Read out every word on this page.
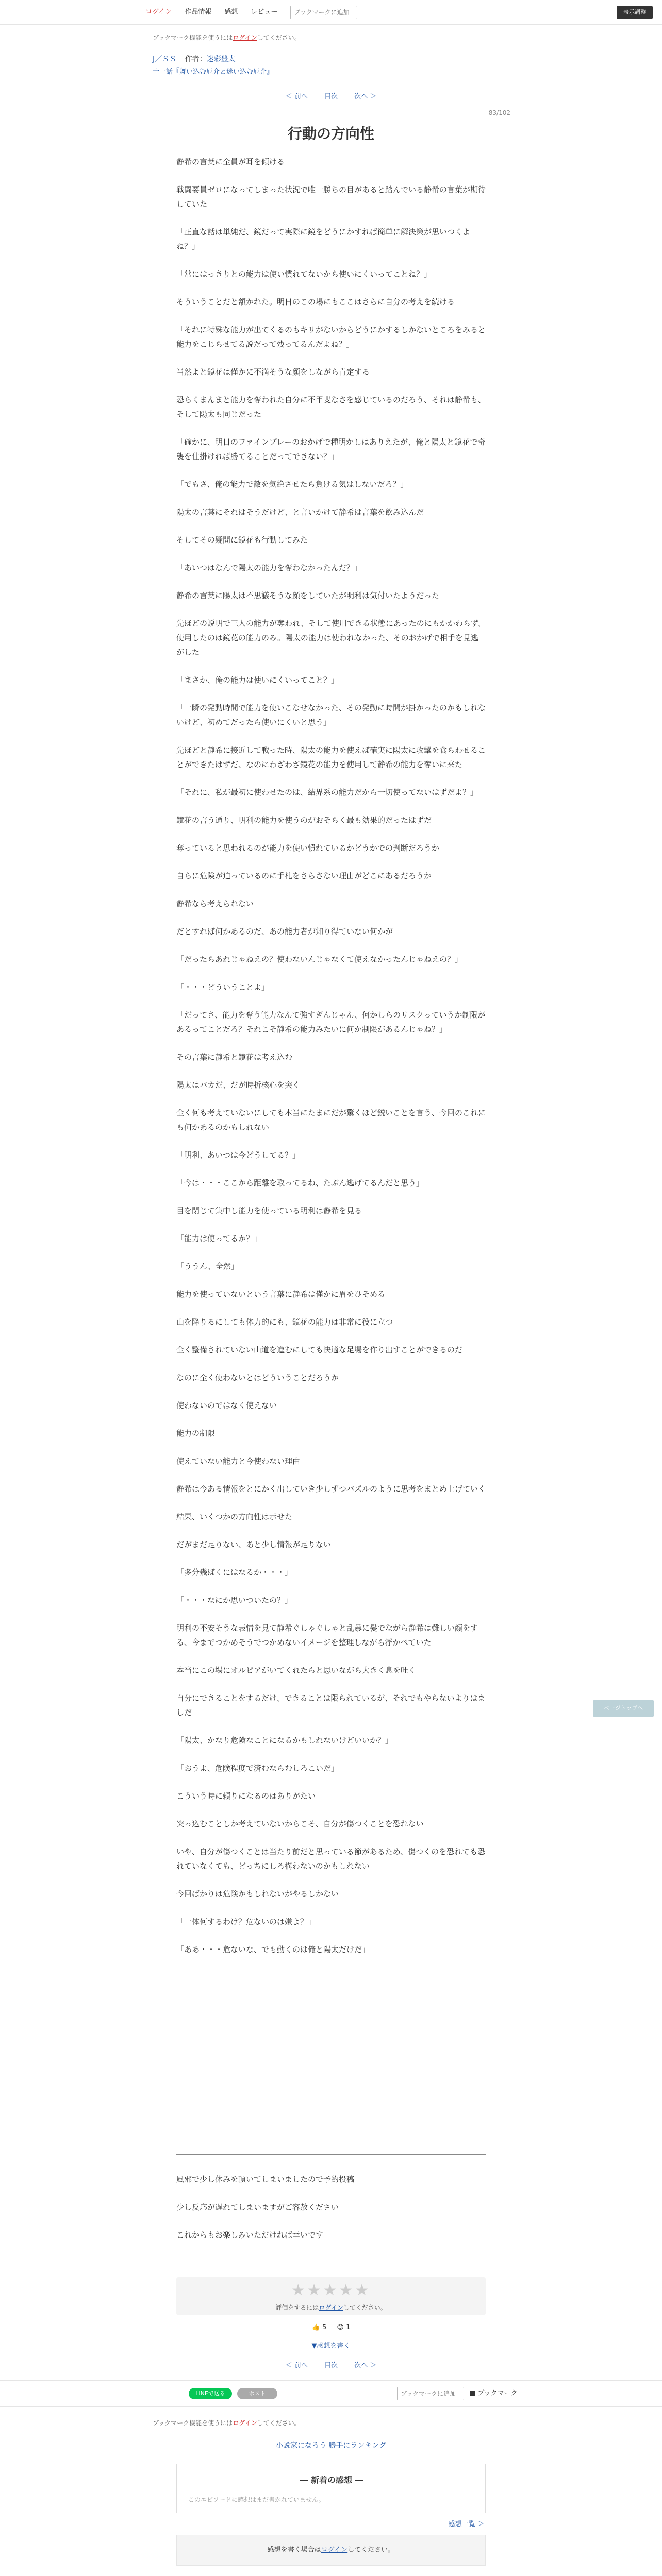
ログイン	作品情報	感想	レビュー
ブックマークに追加	表示調整
ブックマーク機能を使うにはログインしてください。
J／ＳＳ 作者：迷彩豊太
十一話『舞い込む厄介と迷い込む厄介』
＜ 前へ 目次 次へ ＞
83/102
行動の方向性

静希の言葉に全員が耳を傾ける

戦闘要員ゼロになってしまった状況で唯一勝ちの目があると踏んでいる静希の言葉が期待していた

「正直な話は単純だ、鏡だって実際に鏡をどうにかすれば簡単に解決策が思いつくよね？」

「常にはっきりとの能力は使い慣れてないから使いにくいってことね？」

そういうことだと頷かれた。明日のこの場にもここはさらに自分の考えを続ける

「それに特殊な能力が出てくるのもキリがないからどうにかするしかないところをみると能力をこじらせてる説だって残ってるんだよね？」

当然よと鏡花は僅かに不満そうな顔をしながら肯定する

恐らくまんまと能力を奪われた自分に不甲斐なさを感じているのだろう、それは静希も、そして陽太も同じだった

「確かに、明日のファインプレーのおかげで種明かしはありえたが、俺と陽太と鏡花で奇襲を仕掛ければ勝てることだってできない？」

「でもさ、俺の能力で敵を気絶させたら負ける気はしないだろ？」

陽太の言葉にそれはそうだけど、と言いかけて静希は言葉を飲み込んだ

そしてその疑問に鏡花も行動してみた

「あいつはなんで陽太の能力を奪わなかったんだ？」

静希の言葉に陽太は不思議そうな顔をしていたが明利は気付いたようだった

先ほどの説明で三人の能力が奪われ、そして使用できる状態にあったのにもかかわらず、使用したのは鏡花の能力のみ。陽太の能力は使われなかった、そのおかげで相手を見逃がした

「まさか、俺の能力は使いにくいってこと？」

「一瞬の発動時間で能力を使いこなせなかった、その発動に時間が掛かったのかもしれないけど、初めてだったら使いにくいと思う」

先ほどと静希に接近して戦った時、陽太の能力を使えば確実に陽太に攻撃を食らわせることができたはずだ、なのにわざわざ鏡花の能力を使用して静希の能力を奪いに来た

「それに、私が最初に使わせたのは、結界系の能力だから一切使ってないはずだよ？」

鏡花の言う通り、明利の能力を使うのがおそらく最も効果的だったはずだ

奪っていると思われるのが能力を使い慣れているかどうかでの判断だろうか

自らに危険が迫っているのに手札をさらさない理由がどこにあるだろうか

静希なら考えられない

だとすれば何かあるのだ、あの能力者が知り得ていない何かが

「だったらあれじゃねえの？使わないんじゃなくて使えなかったんじゃねえの？」

「・・・どういうことよ」

「だってさ、能力を奪う能力なんて強すぎんじゃん、何かしらのリスクっていうか制限があるってことだろ？それこそ静希の能力みたいに何か制限があるんじゃね？」

その言葉に静希と鏡花は考え込む

陽太はバカだ、だが時折核心を突く

全く何も考えていないにしても本当にたまにだが驚くほど鋭いことを言う、今回のこれにも何かあるのかもしれない

「明利、あいつは今どうしてる？」

「今は・・・ここから距離を取ってるね、たぶん逃げてるんだと思う」

目を閉じて集中し能力を使っている明利は静希を見る

「能力は使ってるか？」

「ううん、全然」

能力を使っていないという言葉に静希は僅かに眉をひそめる

山を降りるにしても体力的にも、鏡花の能力は非常に役に立つ

全く整備されていない山道を進むにしても快適な足場を作り出すことができるのだ

なのに全く使わないとはどういうことだろうか

使わないのではなく使えない

能力の制限

使えていない能力と今使わない理由

静希は今ある情報をとにかく出していき少しずつパズルのように思考をまとめ上げていく

結果、いくつかの方向性は示せた

だがまだ足りない、あと少し情報が足りない

「多分幾ばくにはなるか・・・」

「・・・なにか思いついたの？」

明利の不安そうな表情を見て静希ぐしゃぐしゃと乱暴に髪でながら静希は難しい顔をする、今までつかめそうでつかめないイメージを整理しながら浮かべていた

本当にこの場にオルビアがいてくれたらと思いながら大きく息を吐く

自分にできることをするだけ、できることは限られているが、それでもやらないよりはましだ

「陽太、かなり危険なことになるかもしれないけどいいか？」

「おうよ、危険程度で済むならむしろこいだ」

こういう時に頼りになるのはありがたい

突っ込むことしか考えていないからこそ、自分が傷つくことを恐れない

いや、自分が傷つくことは当たり前だと思っている節があるため、傷つくのを恐れても恐れていなくても、どっちにしろ構わないのかもしれない

今回ばかりは危険かもしれないがやるしかない

「一体何するわけ？危ないのは嫌よ？」

「ああ・・・危ないな、でも動くのは俺と陽太だけだ」

風邪で少し休みを頂いてしまいましたので予約投稿

少し反応が遅れてしまいますがご容赦ください

これからもお楽しみいただければ幸いです

★★★★★
評価をするにはログインしてください。
👍 5 😊 1
▼感想を書く
＜ 前へ 目次 次へ ＞
LINEで送る	ポスト
ブックマークに追加	■ ブックマーク
ブックマーク機能を使うにはログインしてください。
小説家になろう 勝手にランキング
― 新着の感想 ―
このエピソードに感想はまだ書かれていません。
感想一覧 ＞
感想を書く場合はログインしてください。
ページトップへ
